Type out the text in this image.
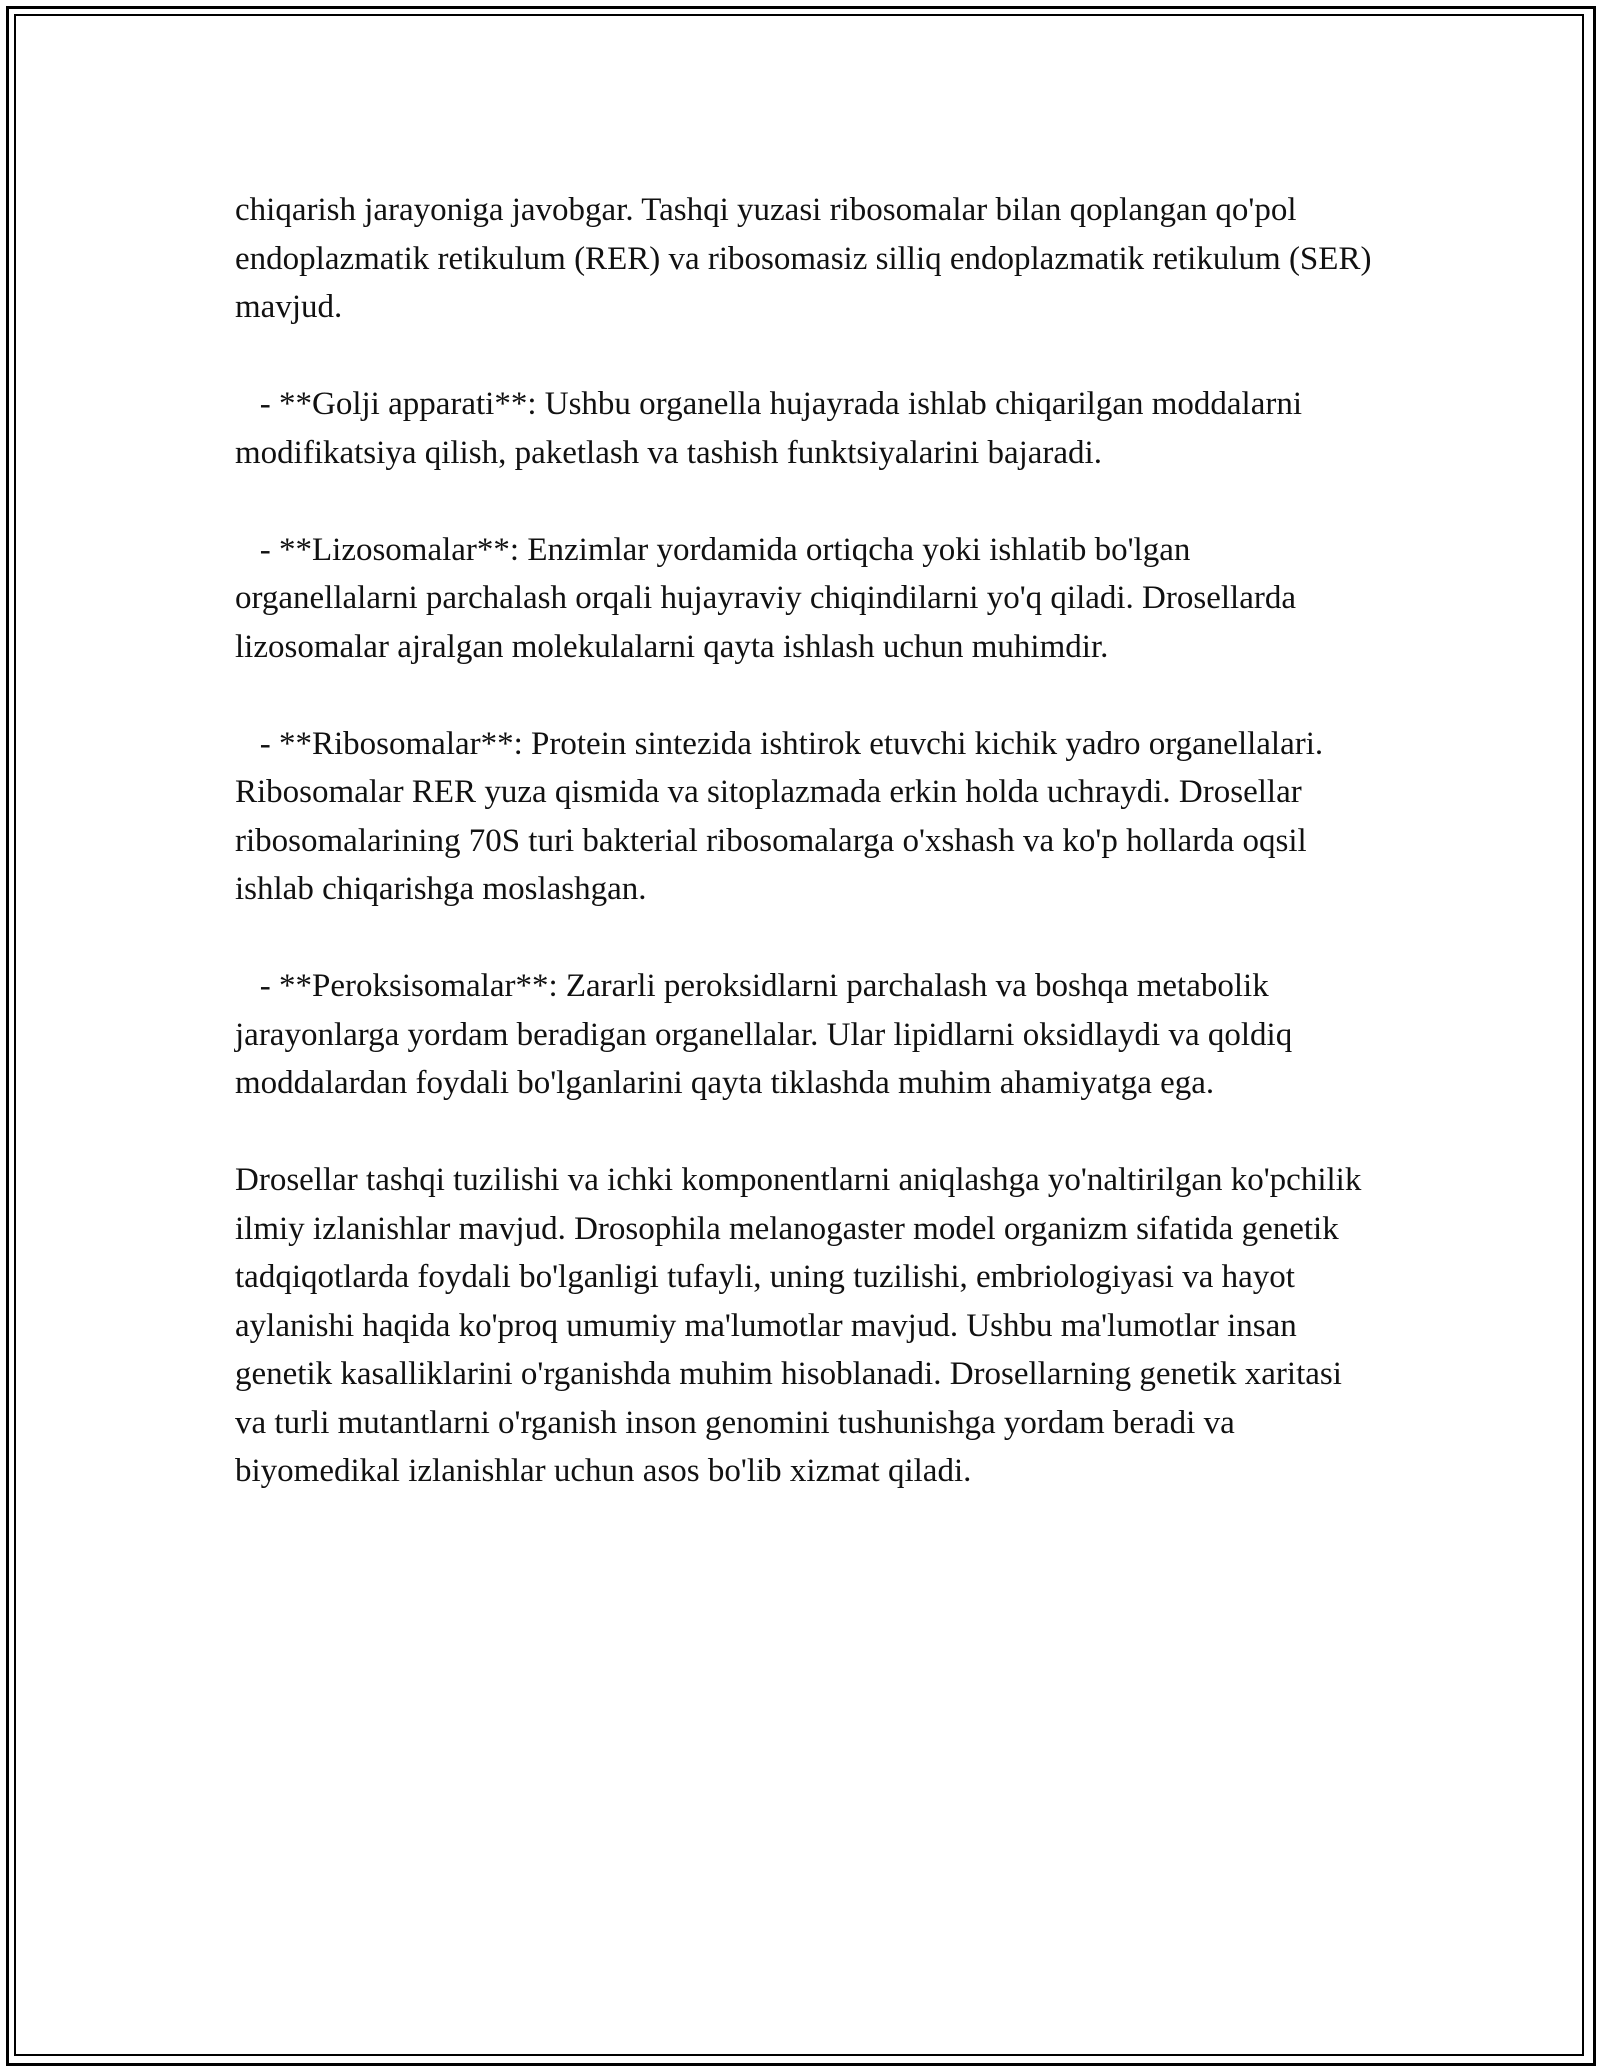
chiqarish jarayoniga javobgar. Tashqi yuzasi ribosomalar bilan qoplangan qo'pol endoplazmatik retikulum (RER) va ribosomasiz silliq endoplazmatik retikulum (SER) mavjud.

- **Golji apparati**: Ushbu organella hujayrada ishlab chiqarilgan moddalarni modifikatsiya qilish, paketlash va tashish funktsiyalarini bajaradi.

- **Lizosomalar**: Enzimlar yordamida ortiqcha yoki ishlatib bo'lgan organellalarni parchalash orqali hujayraviy chiqindilarni yo'q qiladi. Drosellarda lizosomalar ajralgan molekulalarni qayta ishlash uchun muhimdir.

- **Ribosomalar**: Protein sintezida ishtirok etuvchi kichik yadro organellalari. Ribosomalar RER yuza qismida va sitoplazmada erkin holda uchraydi. Drosellar ribosomalarining 70S turi bakterial ribosomalarga o'xshash va ko'p hollarda oqsil ishlab chiqarishga moslashgan.

- **Peroksisomalar**: Zararli peroksidlarni parchalash va boshqa metabolik jarayonlarga yordam beradigan organellalar. Ular lipidlarni oksidlaydi va qoldiq moddalardan foydali bo'lganlarini qayta tiklashda muhim ahamiyatga ega.

Drosellar tashqi tuzilishi va ichki komponentlarni aniqlashga yo'naltirilgan ko'pchilik ilmiy izlanishlar mavjud. Drosophila melanogaster model organizm sifatida genetik tadqiqotlarda foydali bo'lganligi tufayli, uning tuzilishi, embriologiyasi va hayot aylanishi haqida ko'proq umumiy ma'lumotlar mavjud. Ushbu ma'lumotlar insan genetik kasalliklarini o'rganishda muhim hisoblanadi. Drosellarning genetik xaritasi va turli mutantlarni o'rganish inson genomini tushunishga yordam beradi va biyomedikal izlanishlar uchun asos bo'lib xizmat qiladi.
